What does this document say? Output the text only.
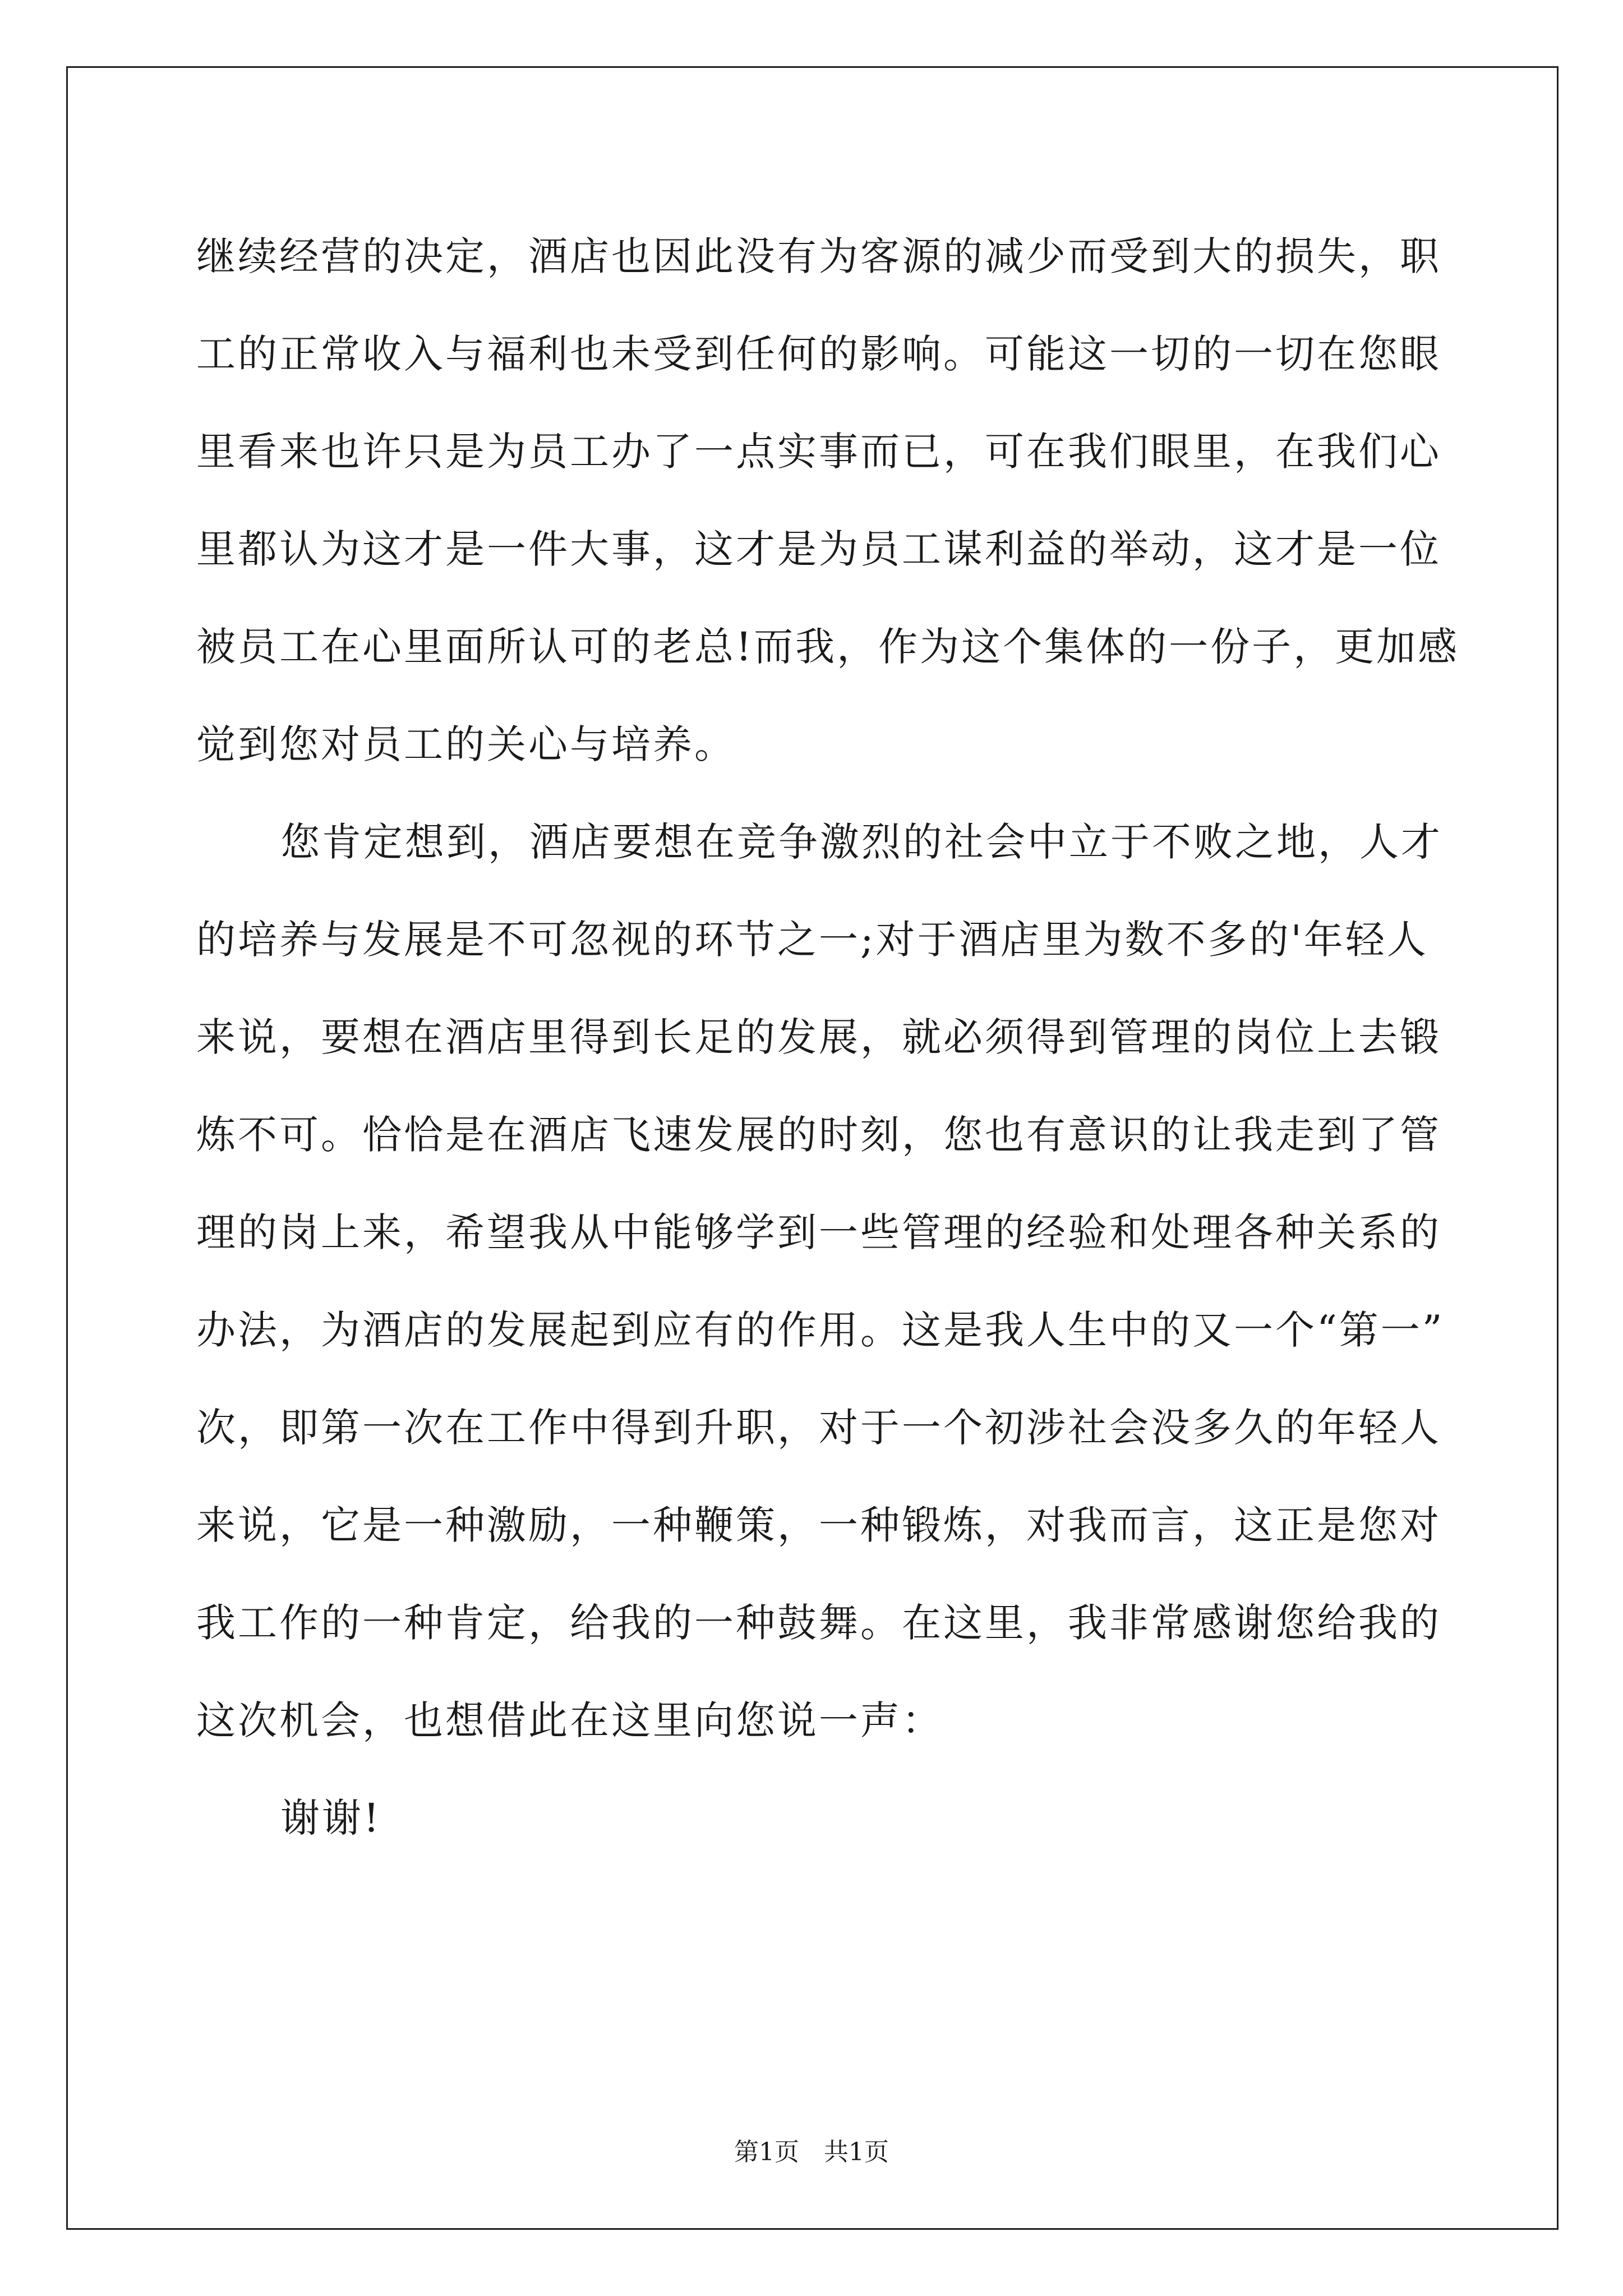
继续经营的决定，酒店也因此没有为客源的减少而受到大的损失，职
工的正常收入与福利也未受到任何的影响。可能这一切的一切在您眼
里看来也许只是为员工办了一点实事而已，可在我们眼里，在我们心
里都认为这才是一件大事，这才是为员工谋利益的举动，这才是一位
被员工在心里面所认可的老总!而我，作为这个集体的一份子，更加感
觉到您对员工的关心与培养。
您肯定想到，酒店要想在竞争激烈的社会中立于不败之地，人才
的培养与发展是不可忽视的环节之一;对于酒店里为数不多的'年轻人
来说，要想在酒店里得到长足的发展，就必须得到管理的岗位上去锻
炼不可。恰恰是在酒店飞速发展的时刻，您也有意识的让我走到了管
理的岗上来，希望我从中能够学到一些管理的经验和处理各种关系的
办法，为酒店的发展起到应有的作用。这是我人生中的又一个“第一”
次，即第一次在工作中得到升职，对于一个初涉社会没多久的年轻人
来说，它是一种激励，一种鞭策，一种锻炼，对我而言，这正是您对
我工作的一种肯定，给我的一种鼓舞。在这里，我非常感谢您给我的
这次机会，也想借此在这里向您说一声：
谢谢!
第1页　共1页
